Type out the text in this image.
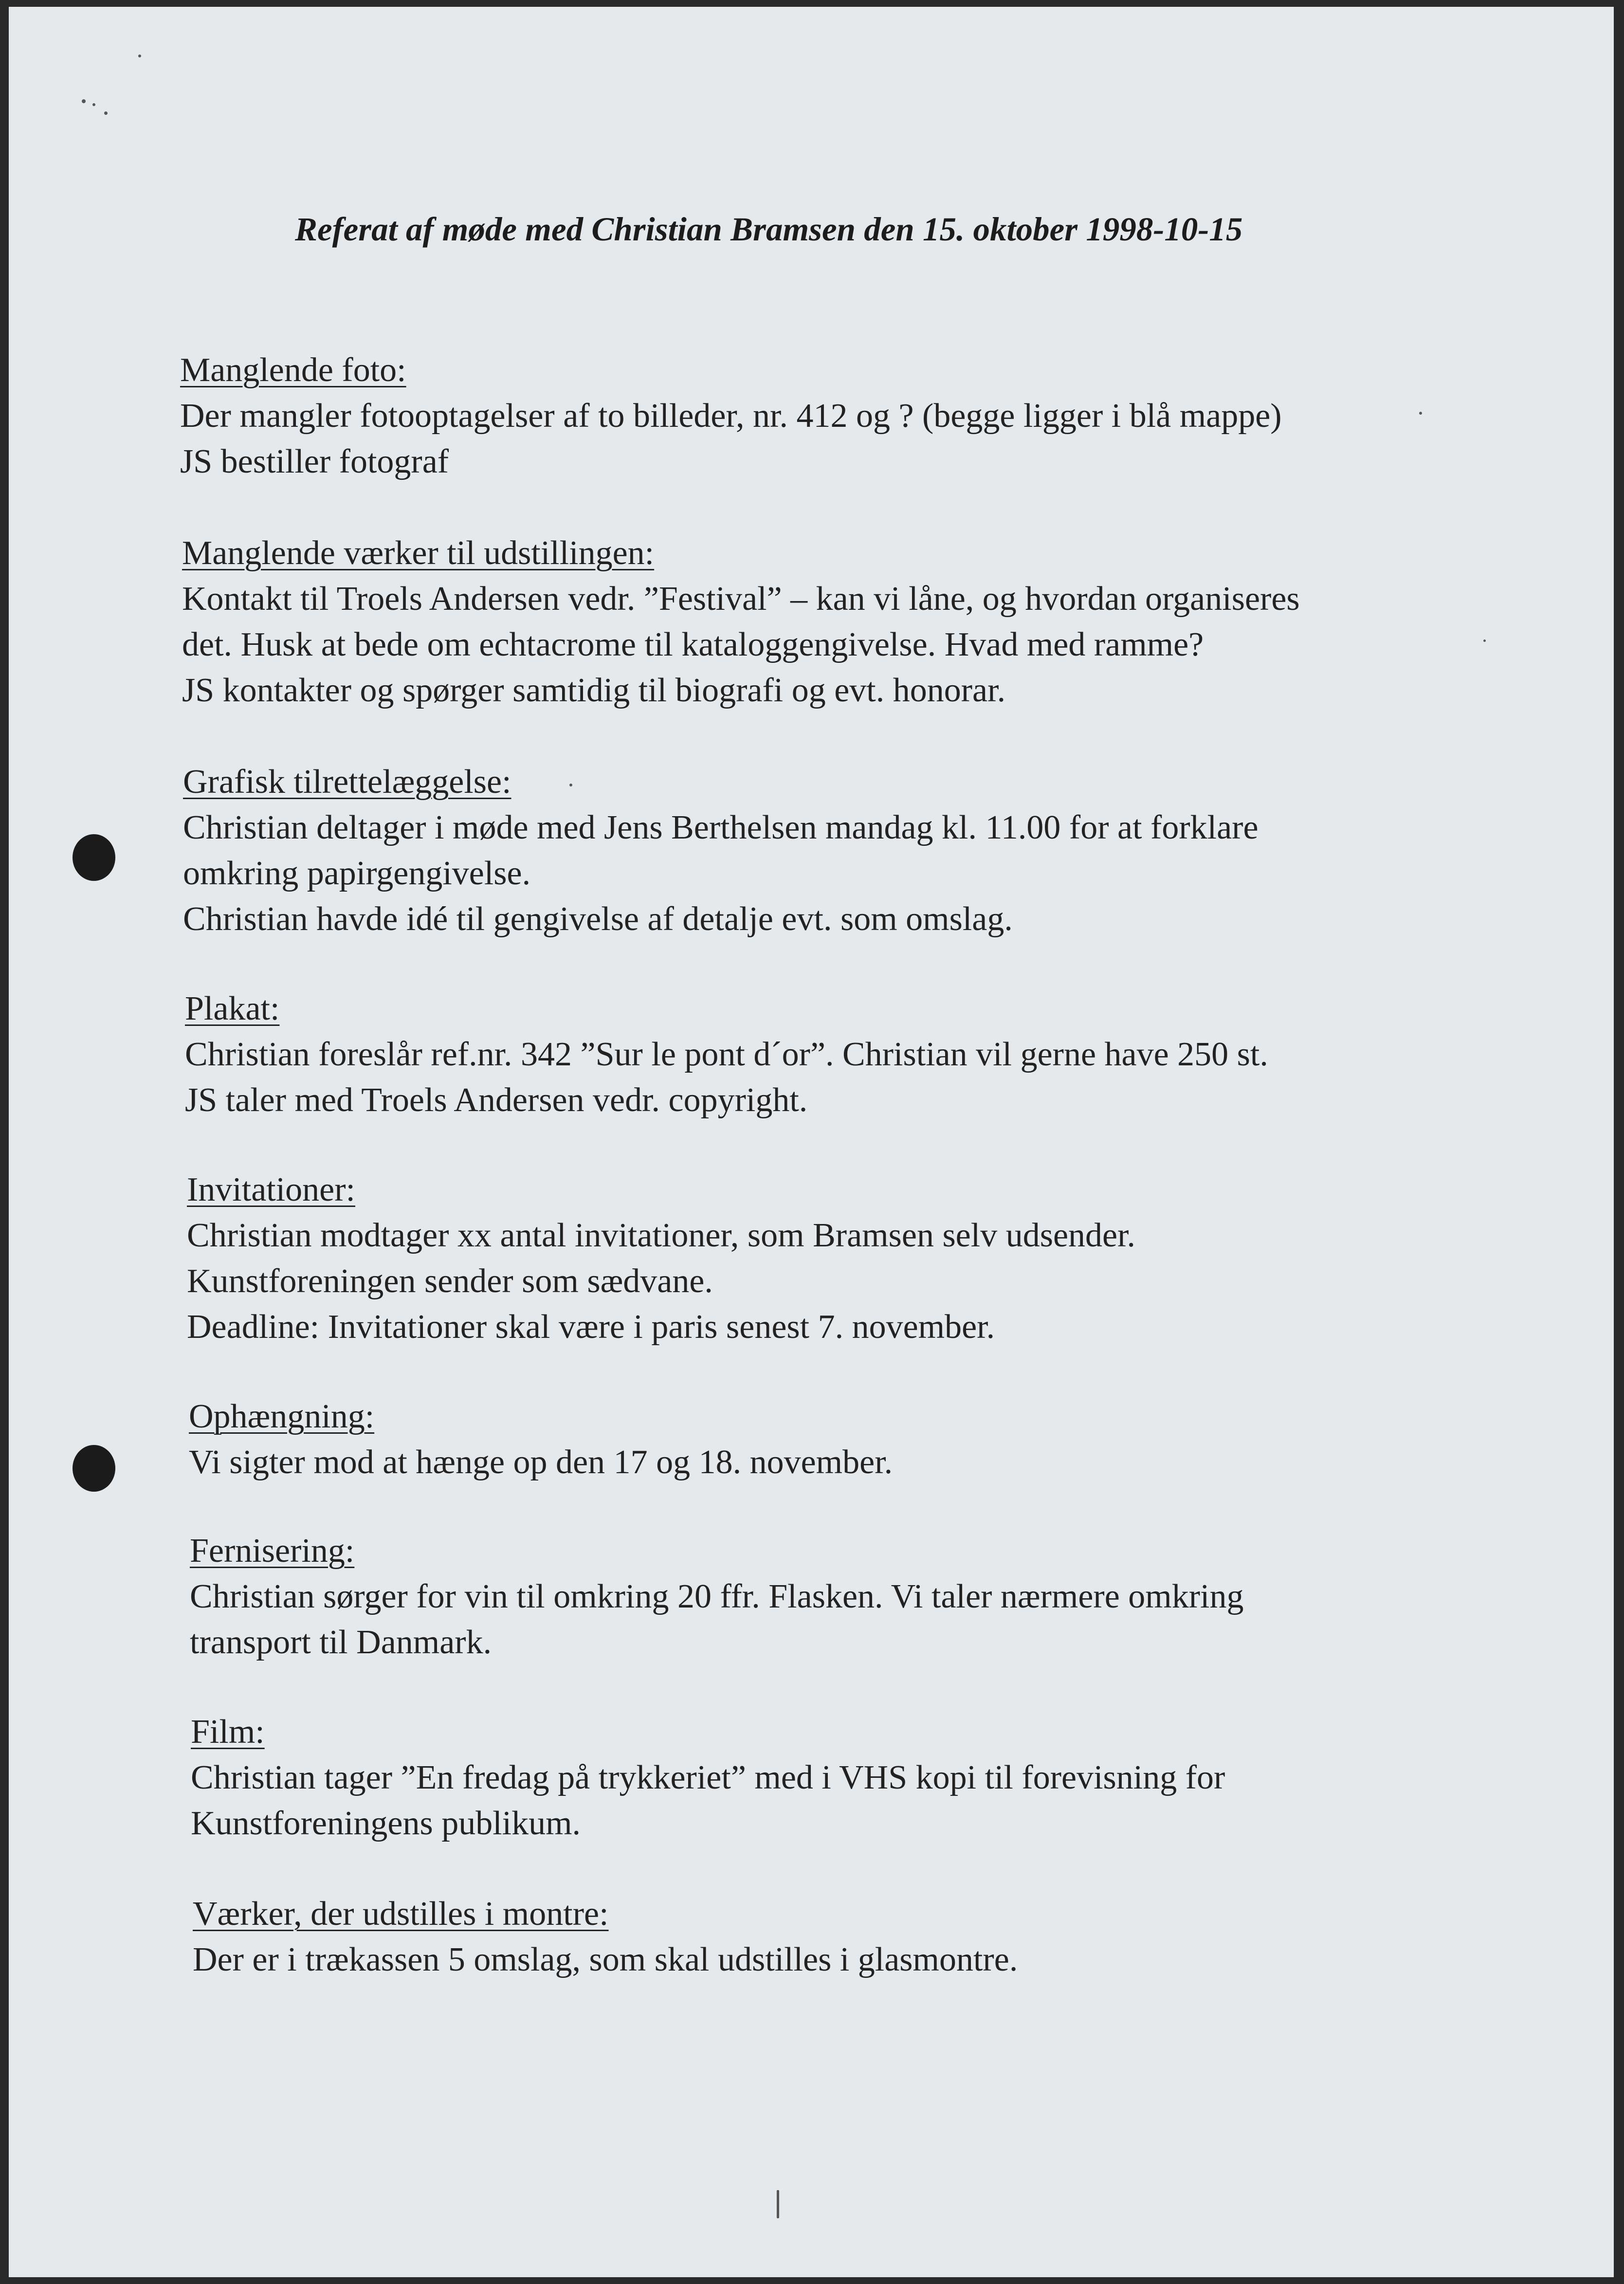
Referat af møde med Christian Bramsen den 15. oktober 1998-10-15
Manglende foto:
Der mangler fotooptagelser af to billeder, nr. 412 og ? (begge ligger i blå mappe)
JS bestiller fotograf
Manglende værker til udstillingen:
Kontakt til Troels Andersen vedr. ”Festival” – kan vi låne, og hvordan organiseres
det. Husk at bede om echtacrome til kataloggengivelse. Hvad med ramme?
JS kontakter og spørger samtidig til biografi og evt. honorar.
Grafisk tilrettelæggelse:
Christian deltager i møde med Jens Berthelsen mandag kl. 11.00 for at forklare
omkring papirgengivelse.
Christian havde idé til gengivelse af detalje evt. som omslag.
Plakat:
Christian foreslår ref.nr. 342 ”Sur le pont d´or”. Christian vil gerne have 250 st.
JS taler med Troels Andersen vedr. copyright.
Invitationer:
Christian modtager xx antal invitationer, som Bramsen selv udsender.
Kunstforeningen sender som sædvane.
Deadline: Invitationer skal være i paris senest 7. november.
Ophængning:
Vi sigter mod at hænge op den 17 og 18. november.
Fernisering:
Christian sørger for vin til omkring 20 ffr. Flasken. Vi taler nærmere omkring
transport til Danmark.
Film:
Christian tager ”En fredag på trykkeriet” med i VHS kopi til forevisning for
Kunstforeningens publikum.
Værker, der udstilles i montre:
Der er i trækassen 5 omslag, som skal udstilles i glasmontre.
